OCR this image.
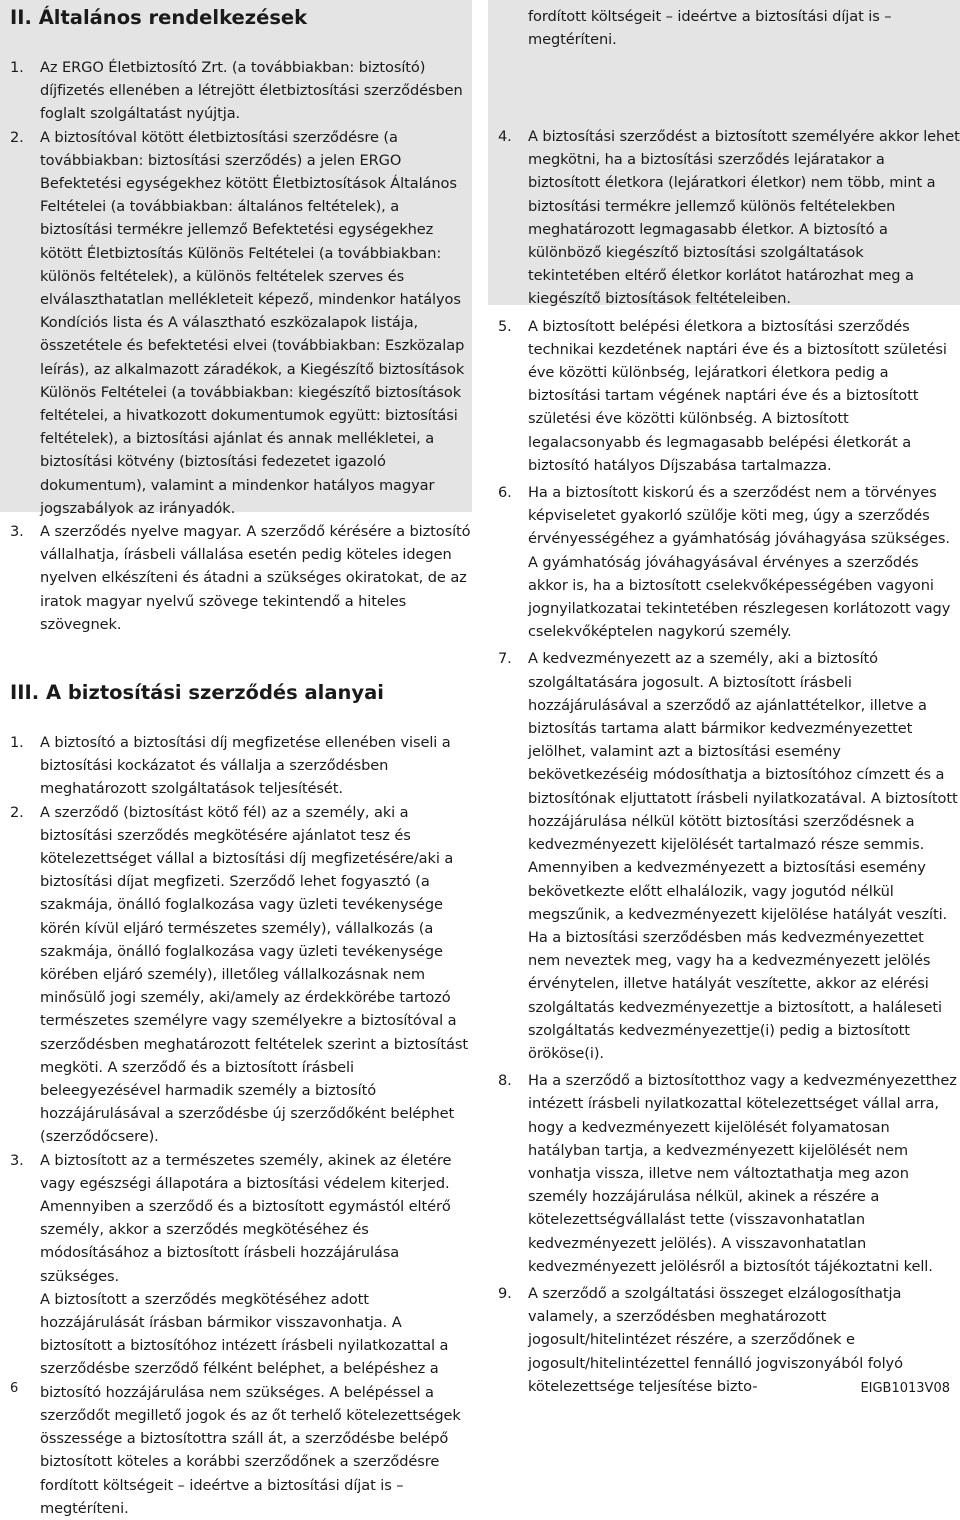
II. Általános rendelkezések
1. Az ERGO Életbiztosító Zrt. (a továbbiakban: biztosító) díjfizetés ellenében a létrejött életbiztosítási szerződésben foglalt szolgáltatást nyújtja.
2. A biztosítóval kötött életbiztosítási szerződésre (a továbbiakban: biztosítási szerződés) a jelen ERGO Befektetési egységekhez kötött Életbiztosítások Általános Feltételei (a továbbiakban: általános feltételek), a biztosítási termékre jellemző Befektetési egységekhez kötött Életbiztosítás Különös Feltételei (a továbbiakban: különös feltételek), a különös feltételek szerves és elválaszthatatlan mellékleteit képező, mindenkor hatályos Kondíciós lista és A választható eszközalapok listája, összetétele és befektetési elvei (továbbiakban: Eszközalap leírás), az alkalmazott záradékok, a Kiegészítő biztosítások Különös Feltételei (a továbbiakban: kiegészítő biztosítások feltételei, a hivatkozott dokumentumok együtt: biztosítási feltételek), a biztosítási ajánlat és annak mellékletei, a biztosítási kötvény (biztosítási fedezetet igazoló dokumentum), valamint a mindenkor hatályos magyar jogszabályok az irányadók.
3. A szerződés nyelve magyar. A szerződő kérésére a biztosító vállalhatja, írásbeli vállalása esetén pedig köteles idegen nyelven elkészíteni és átadni a szükséges okiratokat, de az iratok magyar nyelvű szövege tekintendő a hiteles szövegnek.
III. A biztosítási szerződés alanyai
1. A biztosító a biztosítási díj megfizetése ellenében viseli a biztosítási kockázatot és vállalja a szerződésben meghatározott szolgáltatások teljesítését.
2. A szerződő (biztosítást kötő fél) az a személy, aki a biztosítási szerződés megkötésére ajánlatot tesz és kötelezettséget vállal a biztosítási díj megfizetésére/aki a biztosítási díjat megfizeti. Szerződő lehet fogyasztó (a szakmája, önálló foglalkozása vagy üzleti tevékenysége körén kívül eljáró természetes személy), vállalkozás (a szakmája, önálló foglalkozása vagy üzleti tevékenysége körében eljáró személy), illetőleg vállalkozásnak nem minősülő jogi személy, aki/amely az érdekkörébe tartozó természetes személyre vagy személyekre a biztosítóval a szerződésben meghatározott feltételek szerint a biztosítást megköti. A szerződő és a biztosított írásbeli beleegyezésével harmadik személy a biztosító hozzájárulásával a szerződésbe új szerződőként beléphet (szerződőcsere).
3. A biztosított az a természetes személy, akinek az életére vagy egészségi állapotára a biztosítási védelem kiterjed. Amennyiben a szerződő és a biztosított egymástól eltérő személy, akkor a szerződés megkötéséhez és módosításához a biztosított írásbeli hozzájárulása szükséges.
A biztosított a szerződés megkötéséhez adott hozzájárulását írásban bármikor visszavonhatja. A biztosított a biztosítóhoz intézett írásbeli nyilatkozattal a szerződésbe szerződő félként beléphet, a belépéshez a biztosító hozzájárulása nem szükséges. A belépéssel a szerződőt megillető jogok és az őt terhelő kötelezettségek összessége a biztosítottra száll át, a szerződésbe belépő biztosított köteles a korábbi szerződőnek a szerződésre fordított költségeit – ideértve a biztosítási díjat is – megtéríteni.
fordított költségeit – ideértve a biztosítási díjat is – megtéríteni.
4. A biztosítási szerződést a biztosított személyére akkor lehet megkötni, ha a biztosítási szerződés lejáratakor a biztosított életkora (lejáratkori életkor) nem több, mint a biztosítási termékre jellemző különös feltételekben meghatározott legmagasabb életkor. A biztosító a különböző kiegészítő biztosítási szolgáltatások tekintetében eltérő életkor korlátot határozhat meg a kiegészítő biztosítások feltételeiben.
5. A biztosított belépési életkora a biztosítási szerződés technikai kezdetének naptári éve és a biztosított születési éve közötti különbség, lejáratkori életkora pedig a biztosítási tartam végének naptári éve és a biztosított születési éve közötti különbség. A biztosított legalacsonyabb és legmagasabb belépési életkorát a biztosító hatályos Díjszabása tartalmazza.
6. Ha a biztosított kiskorú és a szerződést nem a törvényes képviseletet gyakorló szülője köti meg, úgy a szerződés érvényességéhez a gyámhatóság jóváhagyása szükséges. A gyámhatóság jóváhagyásával érvényes a szerződés akkor is, ha a biztosított cselekvőképességében vagyoni jognyilatkozatai tekintetében részlegesen korlátozott vagy cselekvőképtelen nagykorú személy.
7. A kedvezményezett az a személy, aki a biztosító szolgáltatására jogosult. A biztosított írásbeli hozzájárulásával a szerződő az ajánlattételkor, illetve a biztosítás tartama alatt bármikor kedvezményezettet jelölhet, valamint azt a biztosítási esemény bekövetkezéséig módosíthatja a biztosítóhoz címzett és a biztosítónak eljuttatott írásbeli nyilatkozatával. A biztosított hozzájárulása nélkül kötött biztosítási szerződésnek a kedvezményezett kijelölését tartalmazó része semmis. Amennyiben a kedvezményezett a biztosítási esemény bekövetkezte előtt elhalálozik, vagy jogutód nélkül megszűnik, a kedvezményezett kijelölése hatályát veszíti. Ha a biztosítási szerződésben más kedvezményezettet nem neveztek meg, vagy ha a kedvezményezett jelölés érvénytelen, illetve hatályát veszítette, akkor az elérési szolgáltatás kedvezményezettje a biztosított, a haláleseti szolgáltatás kedvezményezettje(i) pedig a biztosított örököse(i).
8. Ha a szerződő a biztosítotthoz vagy a kedvezményezetthez intézett írásbeli nyilatkozattal kötelezettséget vállal arra, hogy a kedvezményezett kijelölését folyamatosan hatályban tartja, a kedvezményezett kijelölését nem vonhatja vissza, illetve nem változtathatja meg azon személy hozzájárulása nélkül, akinek a részére a kötelezettségvállalást tette (visszavonhatatlan kedvezményezett jelölés). A visszavonhatatlan kedvezményezett jelölésről a biztosítót tájékoztatni kell.
9. A szerződő a szolgáltatási összeget elzálogosíthatja valamely, a szerződésben meghatározott jogosult/hitelintézet részére, a szerződőnek e jogosult/hitelintézettel fennálló jogviszonyából folyó kötelezettsége teljesítése bizto-
6	EIGB1013V08
